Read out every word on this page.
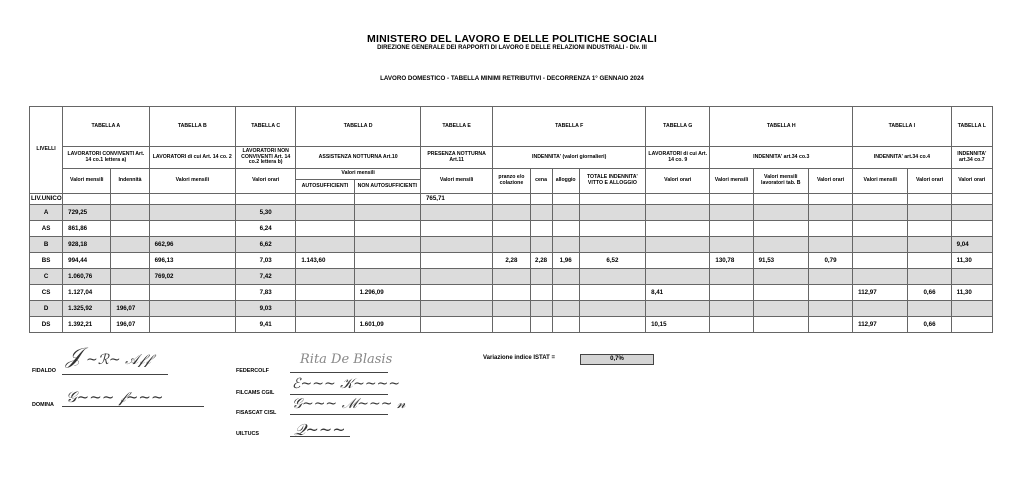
MINISTERO DEL LAVORO E DELLE POLITICHE SOCIALI
DIREZIONE GENERALE DEI RAPPORTI DI LAVORO E DELLE RELAZIONI INDUSTRIALI - Div. III
LAVORO DOMESTICO - TABELLA MINIMI RETRIBUTIVI - DECORRENZA 1° GENNAIO 2024
LIVELLI	TABELLA A		TABELLA B	TABELLA C	TABELLA D		TABELLA E	TABELLA F				TABELLA G	TABELLA H			TABELLA I		TABELLA L
	LAVORATORI CONVIVENTI Art. 14 co.1 lettera a)		LAVORATORI di cui Art. 14 co. 2	LAVORATORI NON CONVIVENTI Art. 14 co.2 lettera b)	ASSISTENZA NOTTURNA Art.10		PRESENZA NOTTURNA Art.11	INDENNITA' (valori giornalieri)				LAVORATORI di cui Art. 14 co. 9	INDENNITA' art.34 co.3			INDENNITA' art.34 co.4		INDENNITA' art.34 co.7
	Valori mensili	Indennità	Valori mensili	Valori orari	Valori mensili		Valori mensili	pranzo e/o colazione	cena	alloggio	TOTALE INDENNITA' VITTO E ALLOGGIO	Valori orari	Valori mensili	Valori mensili lavoratori tab. B	Valori orari	Valori mensili	Valori orari	Valori orari
					AUTOSUFFICIENTI	NON AUTOSUFFICIENTI												
LIV.UNICO							765,71											
A	729,25			5,30														
AS	861,86			6,24														
B	928,18		662,96	6,62														9,04
BS	994,44		696,13	7,03	1.143,60			2,28	2,28	1,96	6,52		130,78	91,53	0,79			11,30
C	1.060,76		769,02	7,42														
CS	1.127,04			7,83		1.296,09						8,41				112,97	0,66	11,30
D	1.325,92	196,07		9,03														
DS	1.392,21	196,07		9,41		1.601,09						10,15				112,97	0,66	
Variazione indice ISTAT =	0,7%
FIDALDO
𝒥 ~ℛ~ 𝒜𝒻𝒻
DOMINA 𝒢~~~ 𝒻~~~
FEDERCOLF
Rita De Blasis
FILCAMS CGIL
ℰ~~~ 𝒦~~~~
FISASCAT CISL
𝒢~~~ ℳ~~~ 𝓃
UILTUCS 𝒬~~~
